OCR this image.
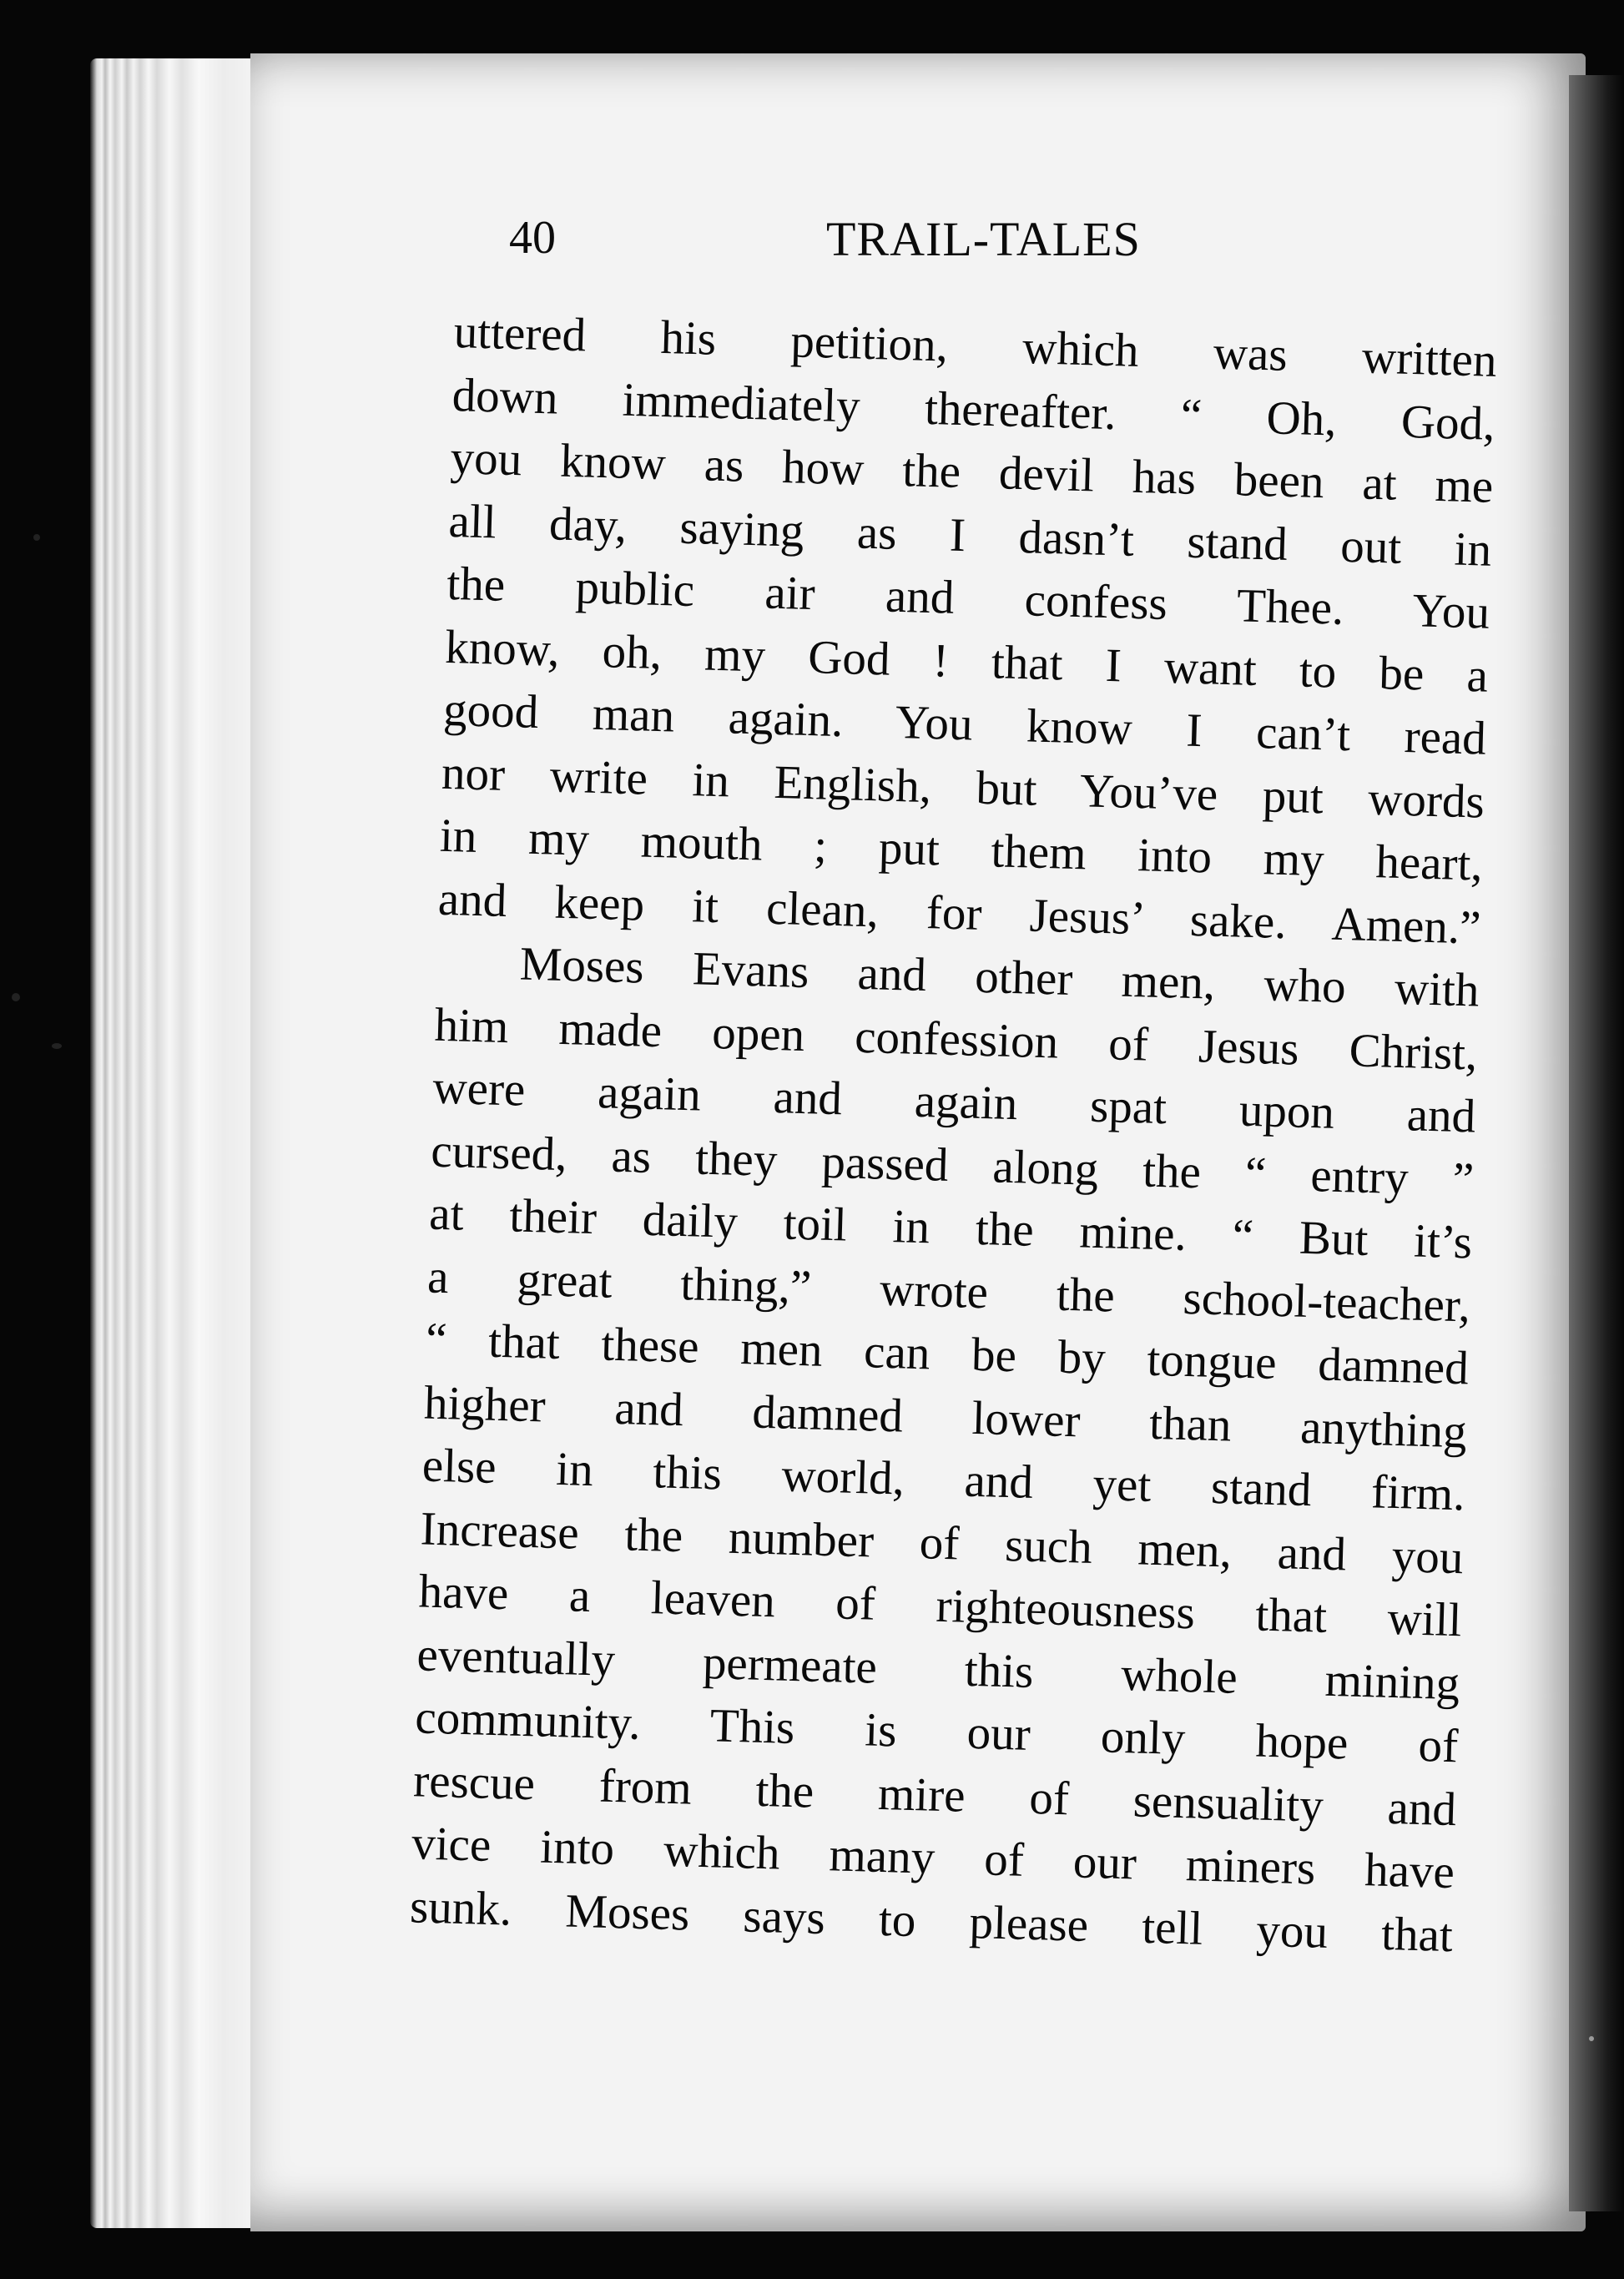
40	TRAIL-TALES
uttered his petition, which was written
down immediately thereafter. “ Oh, God,
you know as how the devil has been at me
all day, saying as I dasn’t stand out in
the public air and confess Thee. You
know, oh, my God ! that I want to be a
good man again. You know I can’t read
nor write in English, but You’ve put words
in my mouth ; put them into my heart,
and keep it clean, for Jesus’ sake. Amen.”
Moses Evans and other men, who with
him made open confession of Jesus Christ,
were again and again spat upon and
cursed, as they passed along the “ entry ”
at their daily toil in the mine. “ But it’s
a great thing,” wrote the school-teacher,
“ that these men can be by tongue damned
higher and damned lower than anything
else in this world, and yet stand firm.
Increase the number of such men, and you
have a leaven of righteousness that will
eventually permeate this whole mining
community. This is our only hope of
rescue from the mire of sensuality and
vice into which many of our miners have
sunk. Moses says to please tell you that
